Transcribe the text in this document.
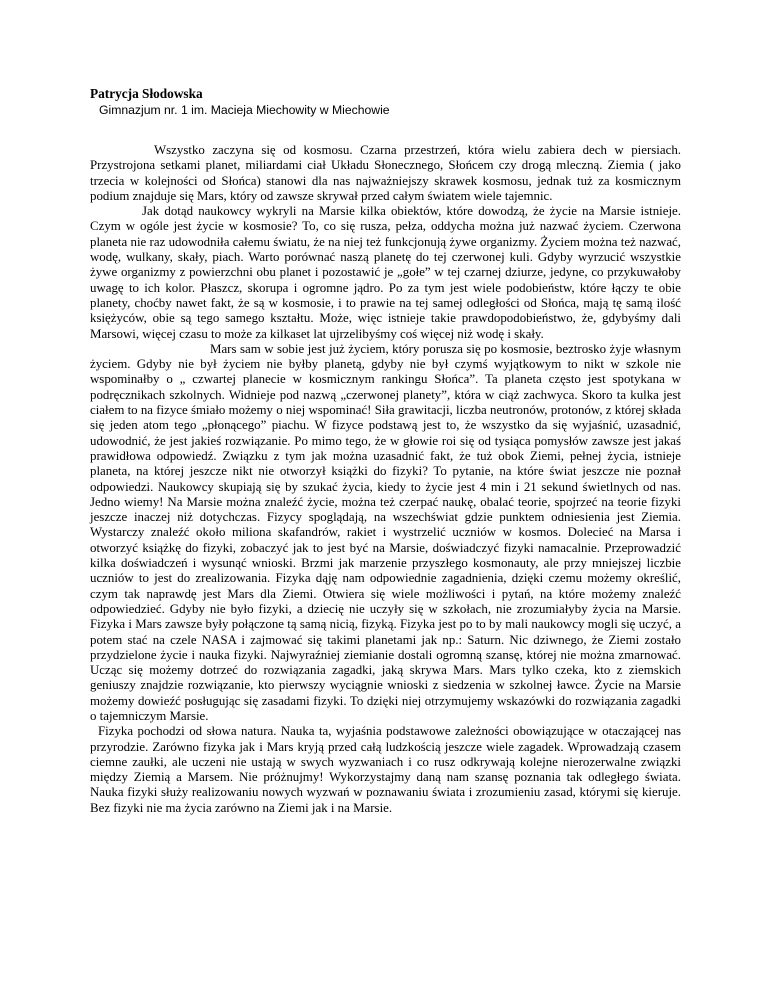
Patrycja Słodowska

Gimnazjum nr. 1 im. Macieja Miechowity w Miechowie

Wszystko zaczyna się od kosmosu. Czarna przestrzeń, która wielu zabiera dech w piersiach. Przystrojona setkami planet, miliardami ciał Układu Słonecznego, Słońcem czy drogą mleczną. Ziemia ( jako trzecia w kolejności od Słońca) stanowi dla nas najważniejszy skrawek kosmosu, jednak tuż za kosmicznym podium znajduje się Mars, który od zawsze skrywał przed całym światem wiele tajemnic.

Jak dotąd naukowcy wykryli na Marsie kilka obiektów, które dowodzą, że życie na Marsie istnieje. Czym w ogóle jest życie w kosmosie? To, co się rusza, pełza, oddycha można już nazwać życiem. Czerwona planeta nie raz udowodniła całemu światu, że na niej też funkcjonują żywe organizmy. Życiem można też nazwać, wodę, wulkany, skały, piach. Warto porównać naszą planetę do tej czerwonej kuli. Gdyby wyrzucić wszystkie żywe organizmy z powierzchni obu planet i pozostawić je „gołe” w tej czarnej dziurze, jedyne, co przykuwałoby uwagę to ich kolor. Płaszcz, skorupa i ogromne jądro. Po za tym jest wiele podobieństw, które łączy te obie planety, choćby nawet fakt, że są w kosmosie, i to prawie na tej samej odległości od Słońca, mają tę samą ilość księżyców, obie są tego samego kształtu. Może, więc istnieje takie prawdopodobieństwo, że, gdybyśmy dali Marsowi, więcej czasu to może za kilkaset lat ujrzelibyśmy coś więcej niż wodę i skały.

Mars sam w sobie jest już życiem, który porusza się po kosmosie, beztrosko żyje własnym życiem. Gdyby nie był życiem nie byłby planetą, gdyby nie był czymś wyjątkowym to nikt w szkole nie wspominałby o „ czwartej planecie w kosmicznym rankingu Słońca”. Ta planeta często jest spotykana w podręcznikach szkolnych. Widnieje pod nazwą „czerwonej planety”, która w ciąż zachwyca. Skoro ta kulka jest ciałem to na fizyce śmiało możemy o niej wspominać! Siła grawitacji, liczba neutronów, protonów, z której składa się jeden atom tego „płonącego” piachu. W fizyce podstawą jest to, że wszystko da się wyjaśnić, uzasadnić, udowodnić, że jest jakieś rozwiązanie. Po mimo tego, że w głowie roi się od tysiąca pomysłów zawsze jest jakaś prawidłowa odpowiedź. Związku z tym jak można uzasadnić fakt, że tuż obok Ziemi, pełnej życia, istnieje planeta, na której jeszcze nikt nie otworzył książki do fizyki? To pytanie, na które świat jeszcze nie poznał odpowiedzi. Naukowcy skupiają się by szukać życia, kiedy to życie jest 4 min i 21 sekund świetlnych od nas. Jedno wiemy! Na Marsie można znaleźć życie, można też czerpać naukę, obalać teorie, spojrzeć na teorie fizyki jeszcze inaczej niż dotychczas. Fizycy spoglądają, na wszechświat gdzie punktem odniesienia jest Ziemia. Wystarczy znaleźć około miliona skafandrów, rakiet i wystrzelić uczniów w kosmos. Dolecieć na Marsa i otworzyć książkę do fizyki, zobaczyć jak to jest być na Marsie, doświadczyć fizyki namacalnie. Przeprowadzić kilka doświadczeń i wysunąć wnioski. Brzmi jak marzenie przyszłego kosmonauty, ale przy mniejszej liczbie uczniów to jest do zrealizowania. Fizyka dąję nam odpowiednie zagadnienia, dzięki czemu możemy określić, czym tak naprawdę jest Mars dla Ziemi. Otwiera się wiele możliwości i pytań, na które możemy znaleźć odpowiedzieć. Gdyby nie było fizyki, a dziecię nie uczyły się w szkołach, nie zrozumiałyby życia na Marsie. Fizyka i Mars zawsze były połączone tą samą nicią, fizyką. Fizyka jest po to by mali naukowcy mogli się uczyć, a potem stać na czele NASA i zajmować się takimi planetami jak np.: Saturn. Nic dziwnego, że Ziemi zostało przydzielone życie i nauka fizyki. Najwyraźniej ziemianie dostali ogromną szansę, której nie można zmarnować. Ucząc się możemy dotrzeć do rozwiązania zagadki, jaką skrywa Mars. Mars tylko czeka, kto z ziemskich geniuszy znajdzie rozwiązanie, kto pierwszy wyciągnie wnioski z siedzenia w szkolnej ławce. Życie na Marsie możemy dowieźć posługując się zasadami fizyki. To dzięki niej otrzymujemy wskazówki do rozwiązania zagadki o tajemniczym Marsie.

Fizyka pochodzi od słowa natura. Nauka ta, wyjaśnia podstawowe zależności obowiązujące w otaczającej nas przyrodzie. Zarówno fizyka jak i Mars kryją przed całą ludzkością jeszcze wiele zagadek. Wprowadzają czasem ciemne zaułki, ale uczeni nie ustają w swych wyzwaniach i co rusz odkrywają kolejne nierozerwalne związki między Ziemią a Marsem. Nie próżnujmy! Wykorzystajmy daną nam szansę poznania tak odległego świata. Nauka fizyki służy realizowaniu nowych wyzwań w poznawaniu świata i zrozumieniu zasad, którymi się kieruje. Bez fizyki nie ma życia zarówno na Ziemi jak i na Marsie.
